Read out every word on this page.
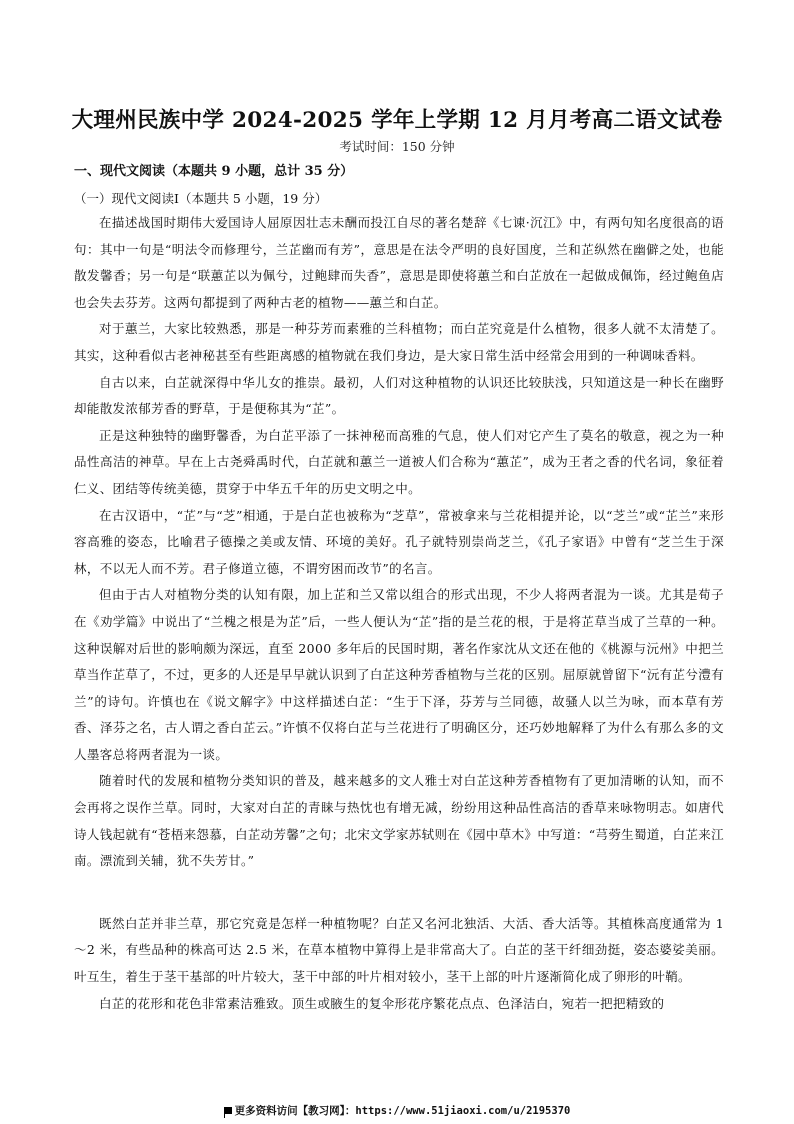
大理州民族中学 2024-2025 学年上学期 12 月月考高二语文试卷
考试时间：150 分钟
一、现代文阅读（本题共 9 小题，总计 35 分）
（一）现代文阅读Ⅰ（本题共 5 小题，19 分）

在描述战国时期伟大爱国诗人屈原因壮志未酬而投江自尽的著名楚辞《七谏·沉江》中，有两句知名度很高的语句：其中一句是“明法令而修理兮，兰芷幽而有芳”，意思是在法令严明的良好国度，兰和芷纵然在幽僻之处，也能散发馨香；另一句是“联蕙芷以为佩兮，过鲍肆而失香”，意思是即使将蕙兰和白芷放在一起做成佩饰，经过鲍鱼店也会失去芬芳。这两句都提到了两种古老的植物——蕙兰和白芷。

对于蕙兰，大家比较熟悉，那是一种芬芳而素雅的兰科植物；而白芷究竟是什么植物，很多人就不太清楚了。其实，这种看似古老神秘甚至有些距离感的植物就在我们身边，是大家日常生活中经常会用到的一种调味香料。

自古以来，白芷就深得中华儿女的推崇。最初，人们对这种植物的认识还比较肤浅，只知道这是一种长在幽野却能散发浓郁芳香的野草，于是便称其为“芷”。

正是这种独特的幽野馨香，为白芷平添了一抹神秘而高雅的气息，使人们对它产生了莫名的敬意，视之为一种品性高洁的神草。早在上古尧舜禹时代，白芷就和蕙兰一道被人们合称为“蕙芷”，成为王者之香的代名词，象征着仁义、团结等传统美德，贯穿于中华五千年的历史文明之中。

在古汉语中，“芷”与“芝”相通，于是白芷也被称为“芝草”，常被拿来与兰花相提并论，以“芝兰”或“芷兰”来形容高雅的姿态，比喻君子德操之美或友情、环境的美好。孔子就特别崇尚芝兰，《孔子家语》中曾有“芝兰生于深林，不以无人而不芳。君子修道立德，不谓穷困而改节”的名言。

但由于古人对植物分类的认知有限，加上芷和兰又常以组合的形式出现，不少人将两者混为一谈。尤其是荀子在《劝学篇》中说出了“兰槐之根是为芷”后，一些人便认为“芷”指的是兰花的根，于是将芷草当成了兰草的一种。这种误解对后世的影响颇为深远，直至 2000 多年后的民国时期，著名作家沈从文还在他的《桃源与沅州》中把兰草当作芷草了，不过，更多的人还是早早就认识到了白芷这种芳香植物与兰花的区别。屈原就曾留下“沅有芷兮澧有兰”的诗句。许慎也在《说文解字》中这样描述白芷：“生于下泽，芬芳与兰同德，故骚人以兰为咏，而本草有芳香、泽芬之名，古人谓之香白芷云。”许慎不仅将白芷与兰花进行了明确区分，还巧妙地解释了为什么有那么多的文人墨客总将两者混为一谈。

随着时代的发展和植物分类知识的普及，越来越多的文人雅士对白芷这种芳香植物有了更加清晰的认知，而不会再将之误作兰草。同时，大家对白芷的青睐与热忱也有增无减，纷纷用这种品性高洁的香草来咏物明志。如唐代诗人钱起就有“苍梧来怨慕，白芷动芳馨”之句；北宋文学家苏轼则在《园中草木》中写道：“芎䓖生蜀道，白芷来江南。漂流到关辅，犹不失芳甘。”

既然白芷并非兰草，那它究竟是怎样一种植物呢？白芷又名河北独活、大活、香大活等。其植株高度通常为 1～2 米，有些品种的株高可达 2.5 米，在草本植物中算得上是非常高大了。白芷的茎干纤细劲挺，姿态婆娑美丽。叶互生，着生于茎干基部的叶片较大，茎干中部的叶片相对较小，茎干上部的叶片逐渐简化成了卵形的叶鞘。

白芷的花形和花色非常素洁雅致。顶生或腋生的复伞形花序繁花点点、色泽洁白，宛若一把把精致的

更多资料访问【教习网】：https://www.51jiaoxi.com/u/2195370
